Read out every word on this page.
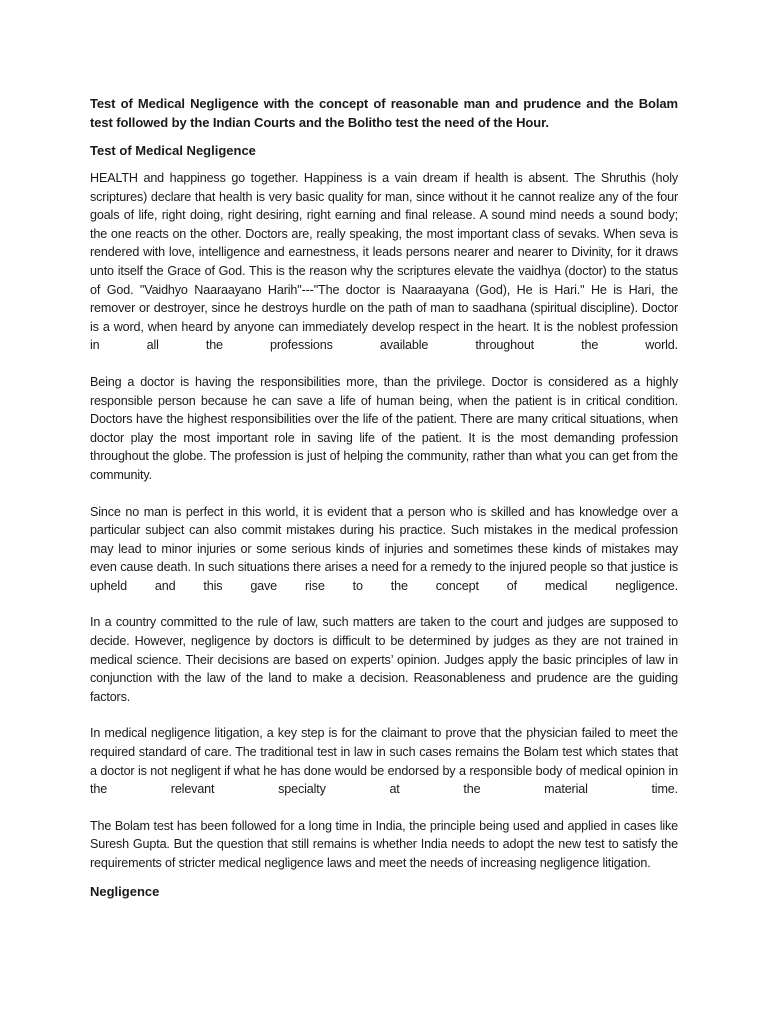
Test of Medical Negligence with the concept of reasonable man and prudence and the Bolam test followed by the Indian Courts and the Bolitho test the need of the Hour.
Test of Medical Negligence
HEALTH and happiness go together. Happiness is a vain dream if health is absent. The Shruthis (holy scriptures) declare that health is very basic quality for man, since without it he cannot realize any of the four goals of life, right doing, right desiring, right earning and final release. A sound mind needs a sound body; the one reacts on the other. Doctors are, really speaking, the most important class of sevaks. When seva is rendered with love, intelligence and earnestness, it leads persons nearer and nearer to Divinity, for it draws unto itself the Grace of God. This is the reason why the scriptures elevate the vaidhya (doctor) to the status of God. "Vaidhyo Naaraayano Harih"---"The doctor is Naaraayana (God), He is Hari." He is Hari, the remover or destroyer, since he destroys hurdle on the path of man to saadhana (spiritual discipline). Doctor is a word, when heard by anyone can immediately develop respect in the heart. It is the noblest profession in all the professions available throughout the world.
Being a doctor is having the responsibilities more, than the privilege. Doctor is considered as a highly responsible person because he can save a life of human being, when the patient is in critical condition. Doctors have the highest responsibilities over the life of the patient. There are many critical situations, when doctor play the most important role in saving life of the patient. It is the most demanding profession throughout the globe. The profession is just of helping the community, rather than what you can get from the community.
Since no man is perfect in this world, it is evident that a person who is skilled and has knowledge over a particular subject can also commit mistakes during his practice. Such mistakes in the medical profession may lead to minor injuries or some serious kinds of injuries and sometimes these kinds of mistakes may even cause death. In such situations there arises a need for a remedy to the injured people so that justice is upheld and this gave rise to the concept of medical negligence.
In a country committed to the rule of law, such matters are taken to the court and judges are supposed to decide. However, negligence by doctors is difficult to be determined by judges as they are not trained in medical science. Their decisions are based on experts’ opinion. Judges apply the basic principles of law in conjunction with the law of the land to make a decision. Reasonableness and prudence are the guiding factors.
In medical negligence litigation, a key step is for the claimant to prove that the physician failed to meet the required standard of care. The traditional test in law in such cases remains the Bolam test which states that a doctor is not negligent if what he has done would be endorsed by a responsible body of medical opinion in the relevant specialty at the material time.
The Bolam test has been followed for a long time in India, the principle being used and applied in cases like Suresh Gupta. But the question that still remains is whether India needs to adopt the new test to satisfy the requirements of stricter medical negligence laws and meet the needs of increasing negligence litigation.
Negligence
